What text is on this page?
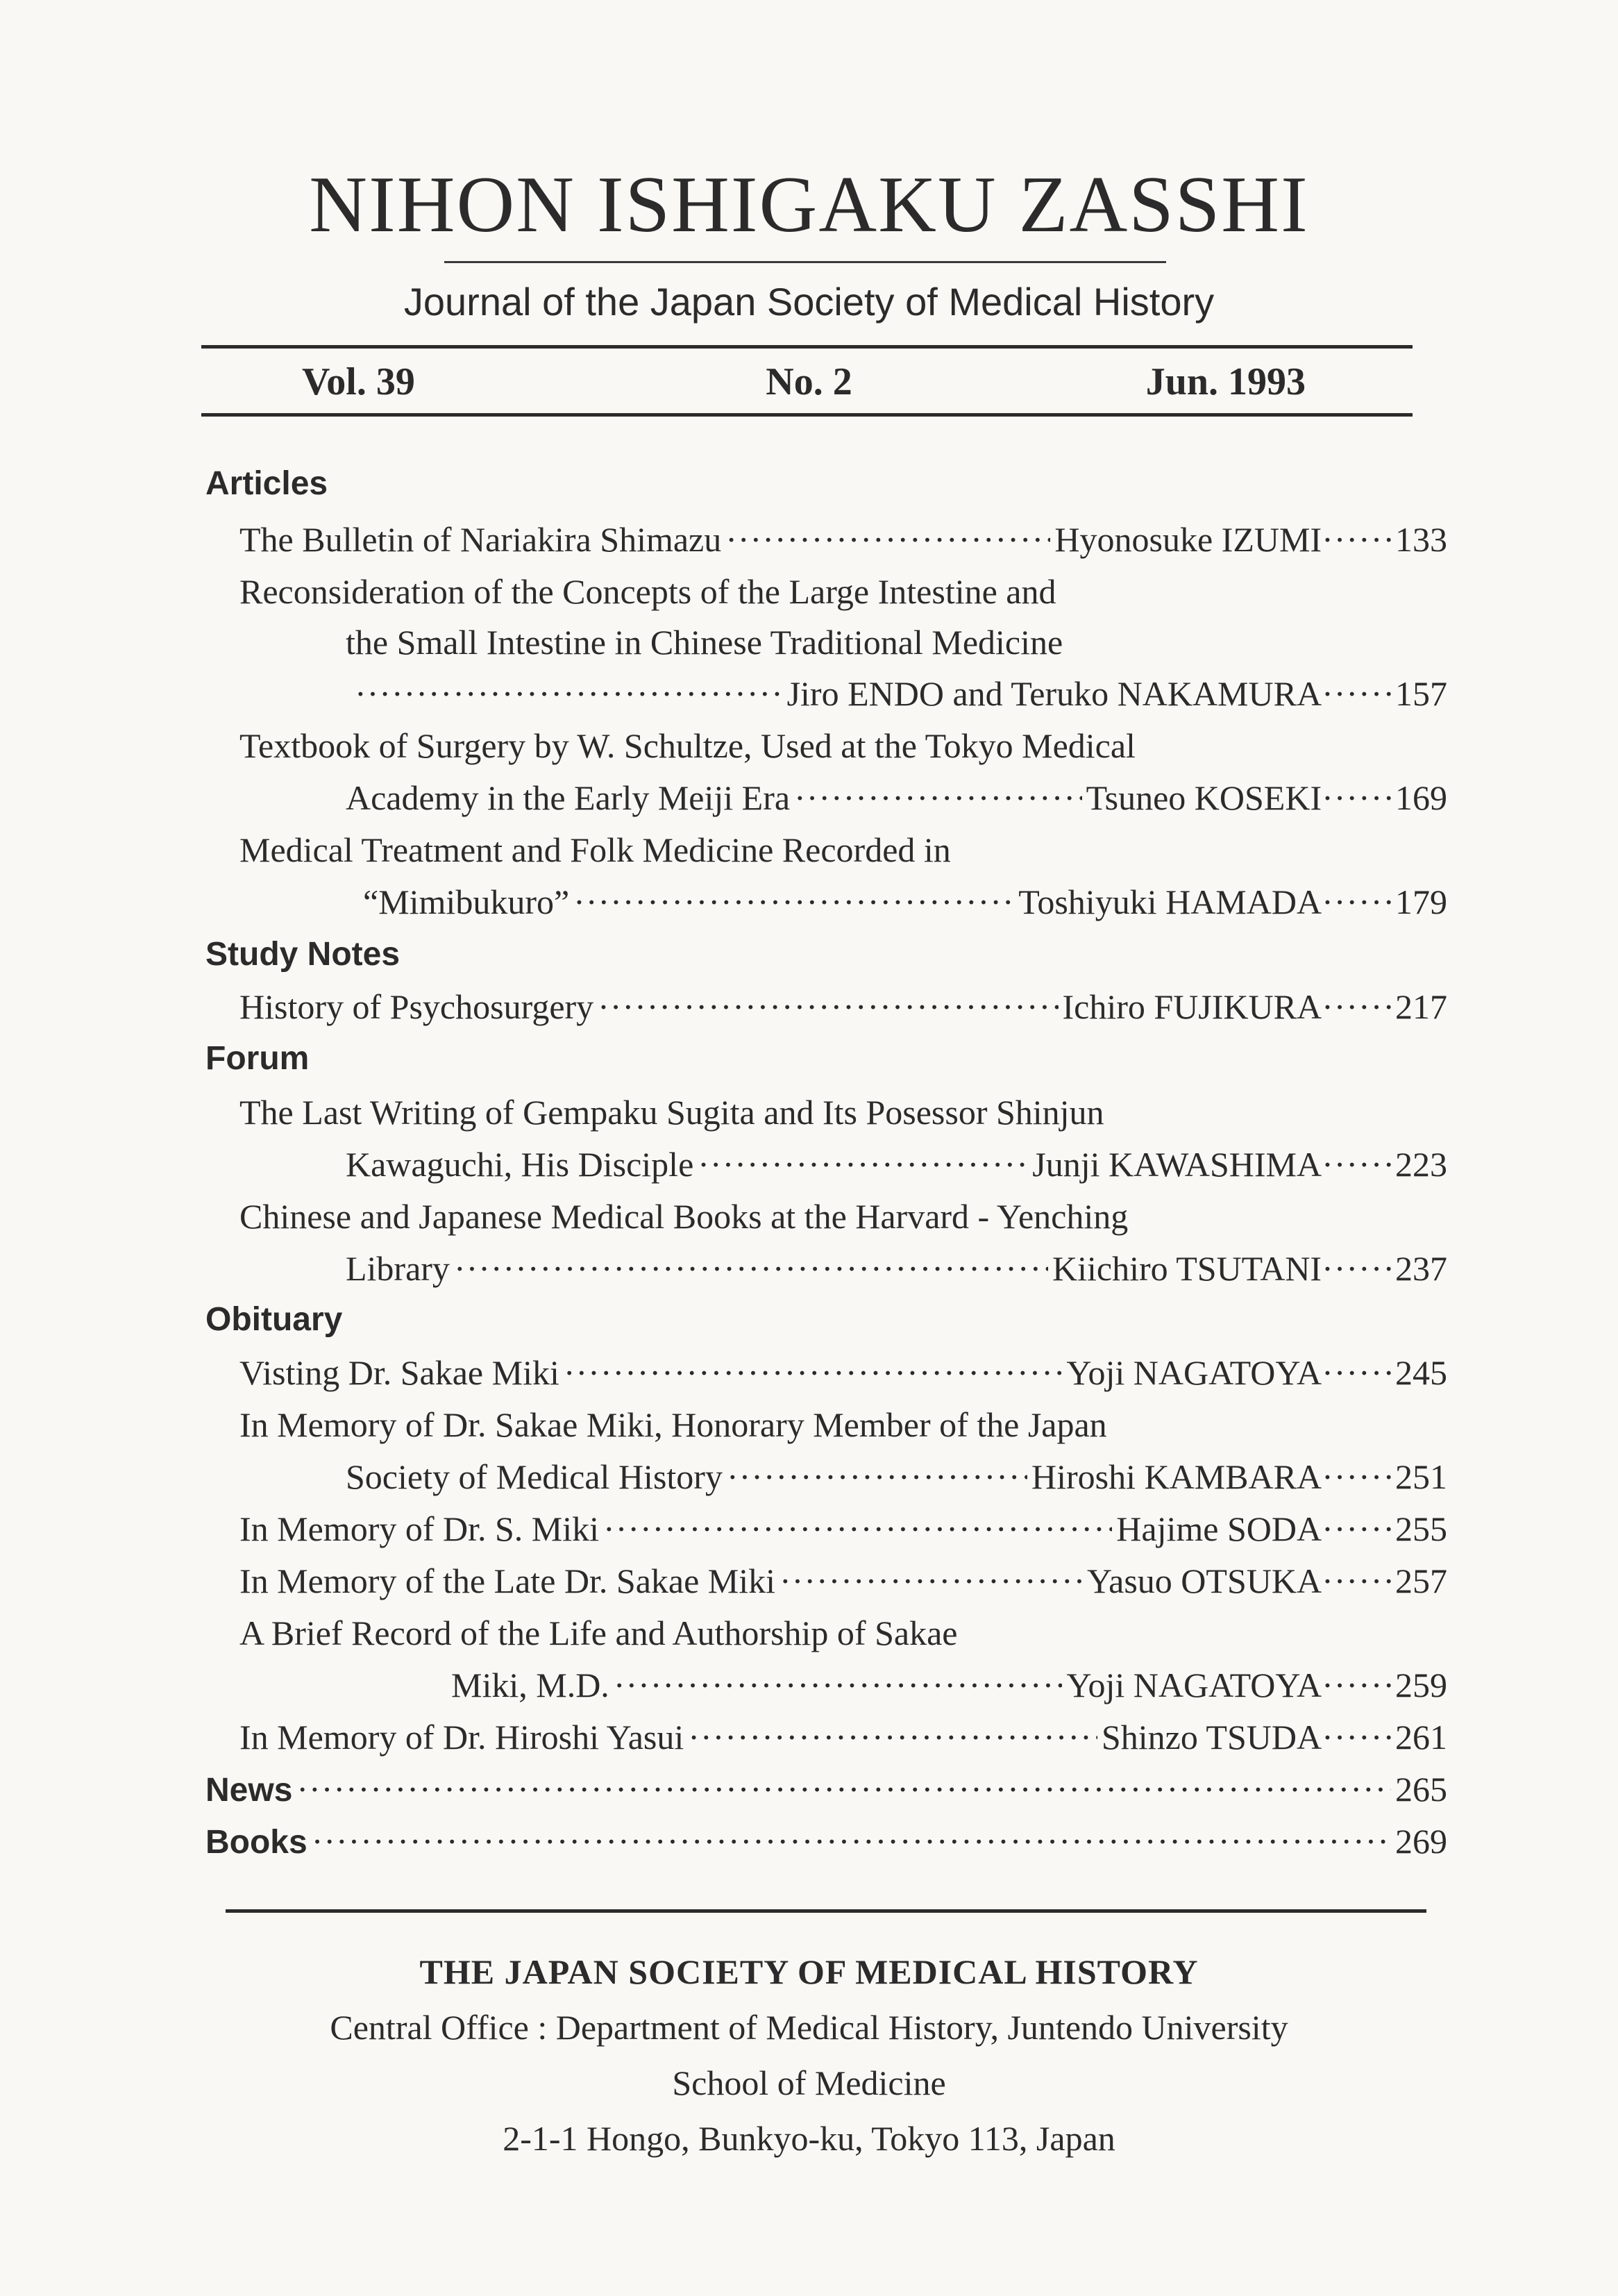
NIHON ISHIGAKU ZASSHI
Journal of the Japan Society of Medical History
Vol. 39	No. 2	Jun. 1993
Articles
The Bulletin of Nariakira Shimazu ·····	Hyonosuke IZUMI	······ 133
Reconsideration of the Concepts of the Large Intestine and
the Small Intestine in Chinese Traditional Medicine
·····
Jiro ENDO and Teruko NAKAMURA	······ 157
Textbook of Surgery by W. Schultze, Used at the Tokyo Medical
Academy in the Early Meiji Era ·····	Tsuneo KOSEKI	······ 169
Medical Treatment and Folk Medicine Recorded in
“Mimibukuro” ·····	Toshiyuki HAMADA	······ 179
Study Notes
History of Psychosurgery ·····	Ichiro FUJIKURA	······ 217
Forum
The Last Writing of Gempaku Sugita and Its Posessor Shinjun
Kawaguchi, His Disciple ·····	Junji KAWASHIMA	······ 223
Chinese and Japanese Medical Books at the Harvard - Yenching
Library ·····	Kiichiro TSUTANI	······ 237
Obituary
Visting Dr. Sakae Miki ·····	Yoji NAGATOYA	······ 245
In Memory of Dr. Sakae Miki, Honorary Member of the Japan
Society of Medical History ·····	Hiroshi KAMBARA	······ 251
In Memory of Dr. S. Miki ·····	Hajime SODA	······ 255
In Memory of the Late Dr. Sakae Miki ·····	Yasuo OTSUKA	······ 257
A Brief Record of the Life and Authorship of Sakae
Miki, M.D. ·····	Yoji NAGATOYA	······ 259
In Memory of Dr. Hiroshi Yasui ·····	Shinzo TSUDA	······ 261
News ·····	265
Books ·····	269
THE JAPAN SOCIETY OF MEDICAL HISTORY
Central Office : Department of Medical History, Juntendo University
School of Medicine
2-1-1 Hongo, Bunkyo-ku, Tokyo 113, Japan
